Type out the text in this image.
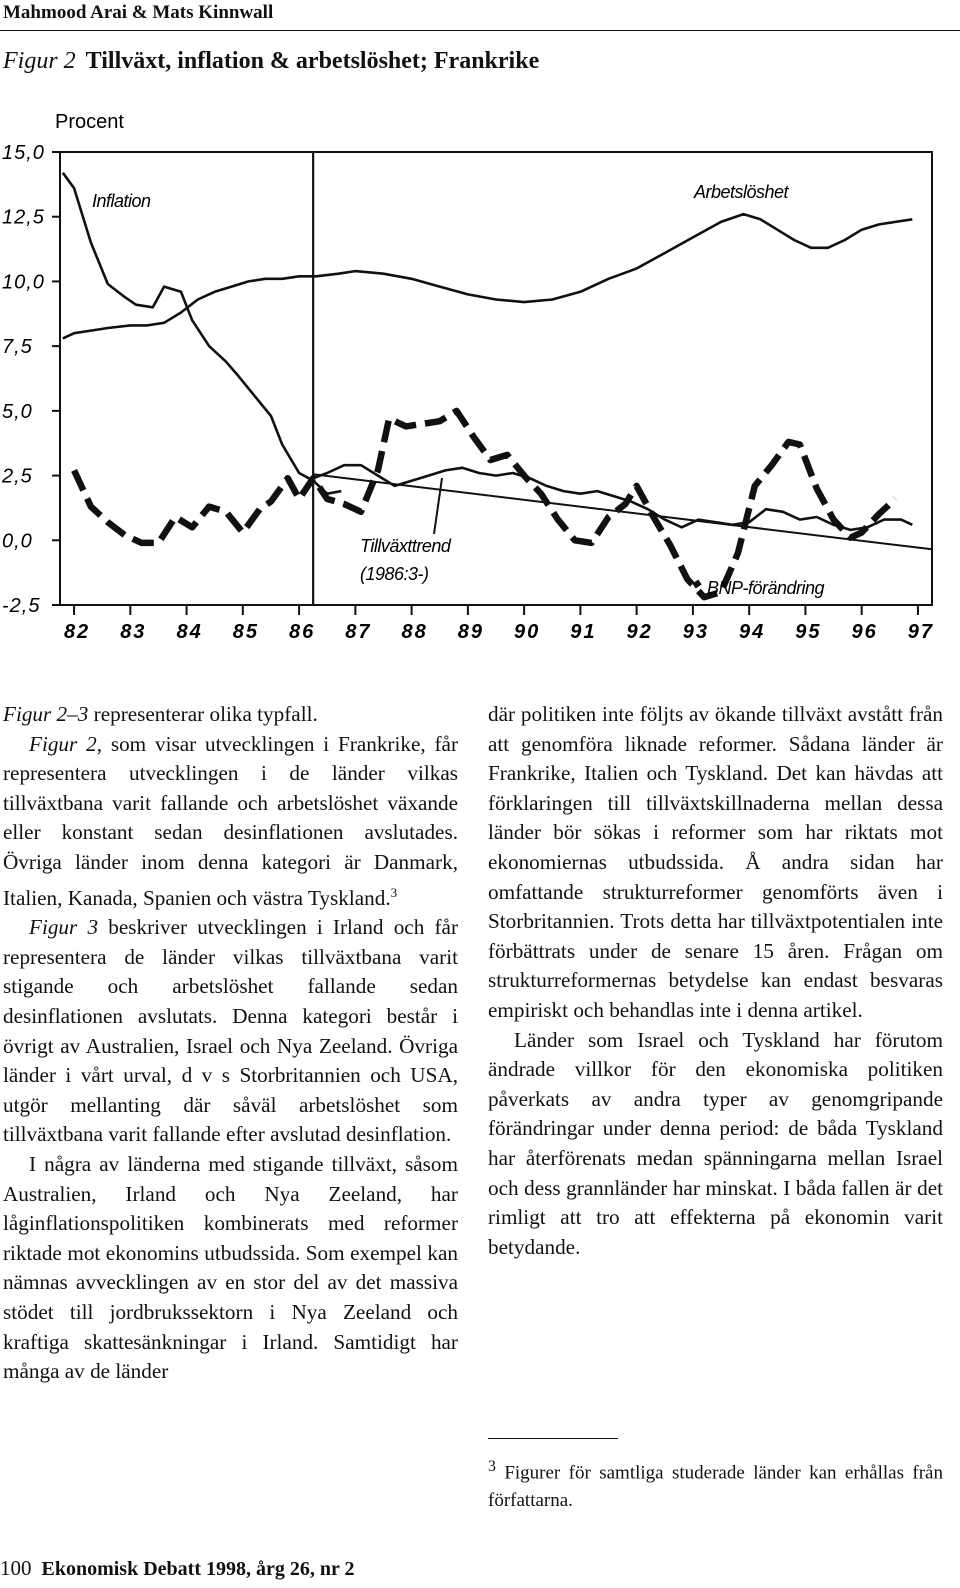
Mahmood Arai & Mats Kinnwall
Figur 2 Tillväxt, inflation & arbetslöshet; Frankrike
Procent
15,0
12,5
10,0
7,5
5,0
2,5
0,0
-2,5
82 83 84 85 86 87 88 89 90 91 92 93 94 95 96 97
Inflation	Arbetslöshet
Tillväxttrend
(1986:3-)
BNP-förändring

Figur 2–3 representerar olika typfall.

Figur 2, som visar utvecklingen i Frankrike, får representera utvecklingen i de länder vilkas tillväxtbana varit fallande och arbetslöshet växande eller konstant sedan desinflationen avslutades. Övriga länder inom denna kategori är Danmark, Italien, Kanada, Spanien och västra Tyskland.$^3$

Figur 3 beskriver utvecklingen i Irland och får representera de länder vilkas tillväxtbana varit stigande och arbetslöshet fallande sedan desinflationen avslutats. Denna kategori består i övrigt av Australien, Israel och Nya Zeeland. Övriga länder i vårt urval, d v s Storbritannien och USA, utgör mellanting där såväl arbetslöshet som tillväxtbana varit fallande efter avslutad desinflation.

I några av länderna med stigande tillväxt, såsom Australien, Irland och Nya Zeeland, har låginflationspolitiken kombinerats med reformer riktade mot ekonomins utbudssida. Som exempel kan nämnas avvecklingen av en stor del av det massiva stödet till jordbrukssektorn i Nya Zeeland och kraftiga skattesänkningar i Irland. Samtidigt har många av de länder

där politiken inte följts av ökande tillväxt avstått från att genomföra liknade reformer. Sådana länder är Frankrike, Italien och Tyskland. Det kan hävdas att förklaringen till tillväxtskillnaderna mellan dessa länder bör sökas i reformer som har riktats mot ekonomiernas utbudssida. Å andra sidan har omfattande strukturreformer genomförts även i Storbritannien. Trots detta har tillväxtpotentialen inte förbättrats under de senare 15 åren. Frågan om strukturreformernas betydelse kan endast besvaras empiriskt och behandlas inte i denna artikel.

Länder som Israel och Tyskland har förutom ändrade villkor för den ekonomiska politiken påverkats av andra typer av genomgripande förändringar under denna period: de båda Tyskland har återförenats medan spänningarna mellan Israel och dess grannländer har minskat. I båda fallen är det rimligt att tro att effekterna på ekonomin varit betydande.

$^3$ Figurer för samtliga studerade länder kan erhållas från författarna.
100 Ekonomisk Debatt 1998, årg 26, nr 2
